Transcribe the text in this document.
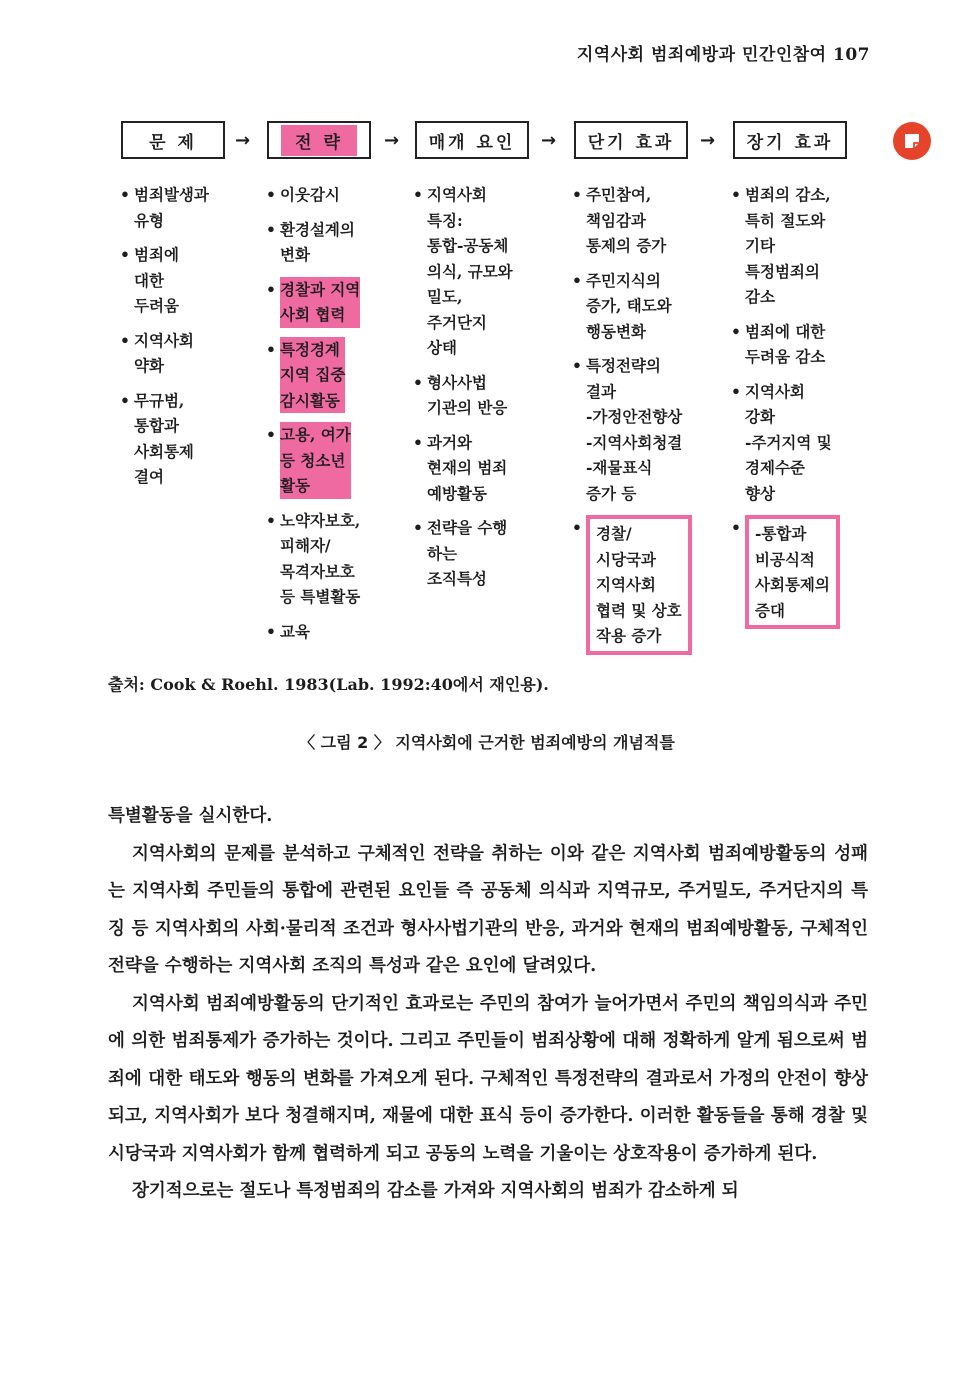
지역사회 범죄예방과 민간인참여 107
문 제	→	전 략	→	매개 요인	→	단기 효과	→	장기 효과
• 범죄발생과
유형
• 범죄에
대한
두려움
• 지역사회
약화
• 무규범,
통합과
사회통제
결여
• 이웃감시
• 환경설계의
변화
• 경찰과 지역
사회 협력
• 특정경계
지역 집중
감시활동
• 고용, 여가
등 청소년
활동
• 노약자보호,
피해자/
목격자보호
등 특별활동
• 교육
• 지역사회
특징:
통합-공동체
의식, 규모와
밀도,
주거단지
상태
• 형사사법
기관의 반응
• 과거와
현재의 범죄
예방활동
• 전략을 수행
하는
조직특성
• 주민참여,
책임감과
통제의 증가
• 주민지식의
증가, 태도와
행동변화
• 특정전략의
결과
-가정안전향상
-지역사회청결
-재물표식
증가 등
• 경찰/
시당국과
지역사회
협력 및 상호
작용 증가
• 범죄의 감소,
특히 절도와
기타
특정범죄의
감소
• 범죄에 대한
두려움 감소
• 지역사회
강화
-주거지역 및
경제수준
향상
• -통합과
비공식적
사회통제의
증대
출처: Cook & Roehl. 1983(Lab. 1992:40에서 재인용).
〈 그림 2 〉 지역사회에 근거한 범죄예방의 개념적틀

특별활동을 실시한다.

지역사회의 문제를 분석하고 구체적인 전략을 취하는 이와 같은 지역사회 범죄예방활동의 성패는 지역사회 주민들의 통합에 관련된 요인들 즉 공동체 의식과 지역규모, 주거밀도, 주거단지의 특징 등 지역사회의 사회·물리적 조건과 형사사법기관의 반응, 과거와 현재의 범죄예방활동, 구체적인 전략을 수행하는 지역사회 조직의 특성과 같은 요인에 달려있다.

지역사회 범죄예방활동의 단기적인 효과로는 주민의 참여가 늘어가면서 주민의 책임의식과 주민에 의한 범죄통제가 증가하는 것이다. 그리고 주민들이 범죄상황에 대해 정확하게 알게 됨으로써 범죄에 대한 태도와 행동의 변화를 가져오게 된다. 구체적인 특정전략의 결과로서 가정의 안전이 향상되고, 지역사회가 보다 청결해지며, 재물에 대한 표식 등이 증가한다. 이러한 활동들을 통해 경찰 및 시당국과 지역사회가 함께 협력하게 되고 공동의 노력을 기울이는 상호작용이 증가하게 된다.

장기적으로는 절도나 특정범죄의 감소를 가져와 지역사회의 범죄가 감소하게 되
